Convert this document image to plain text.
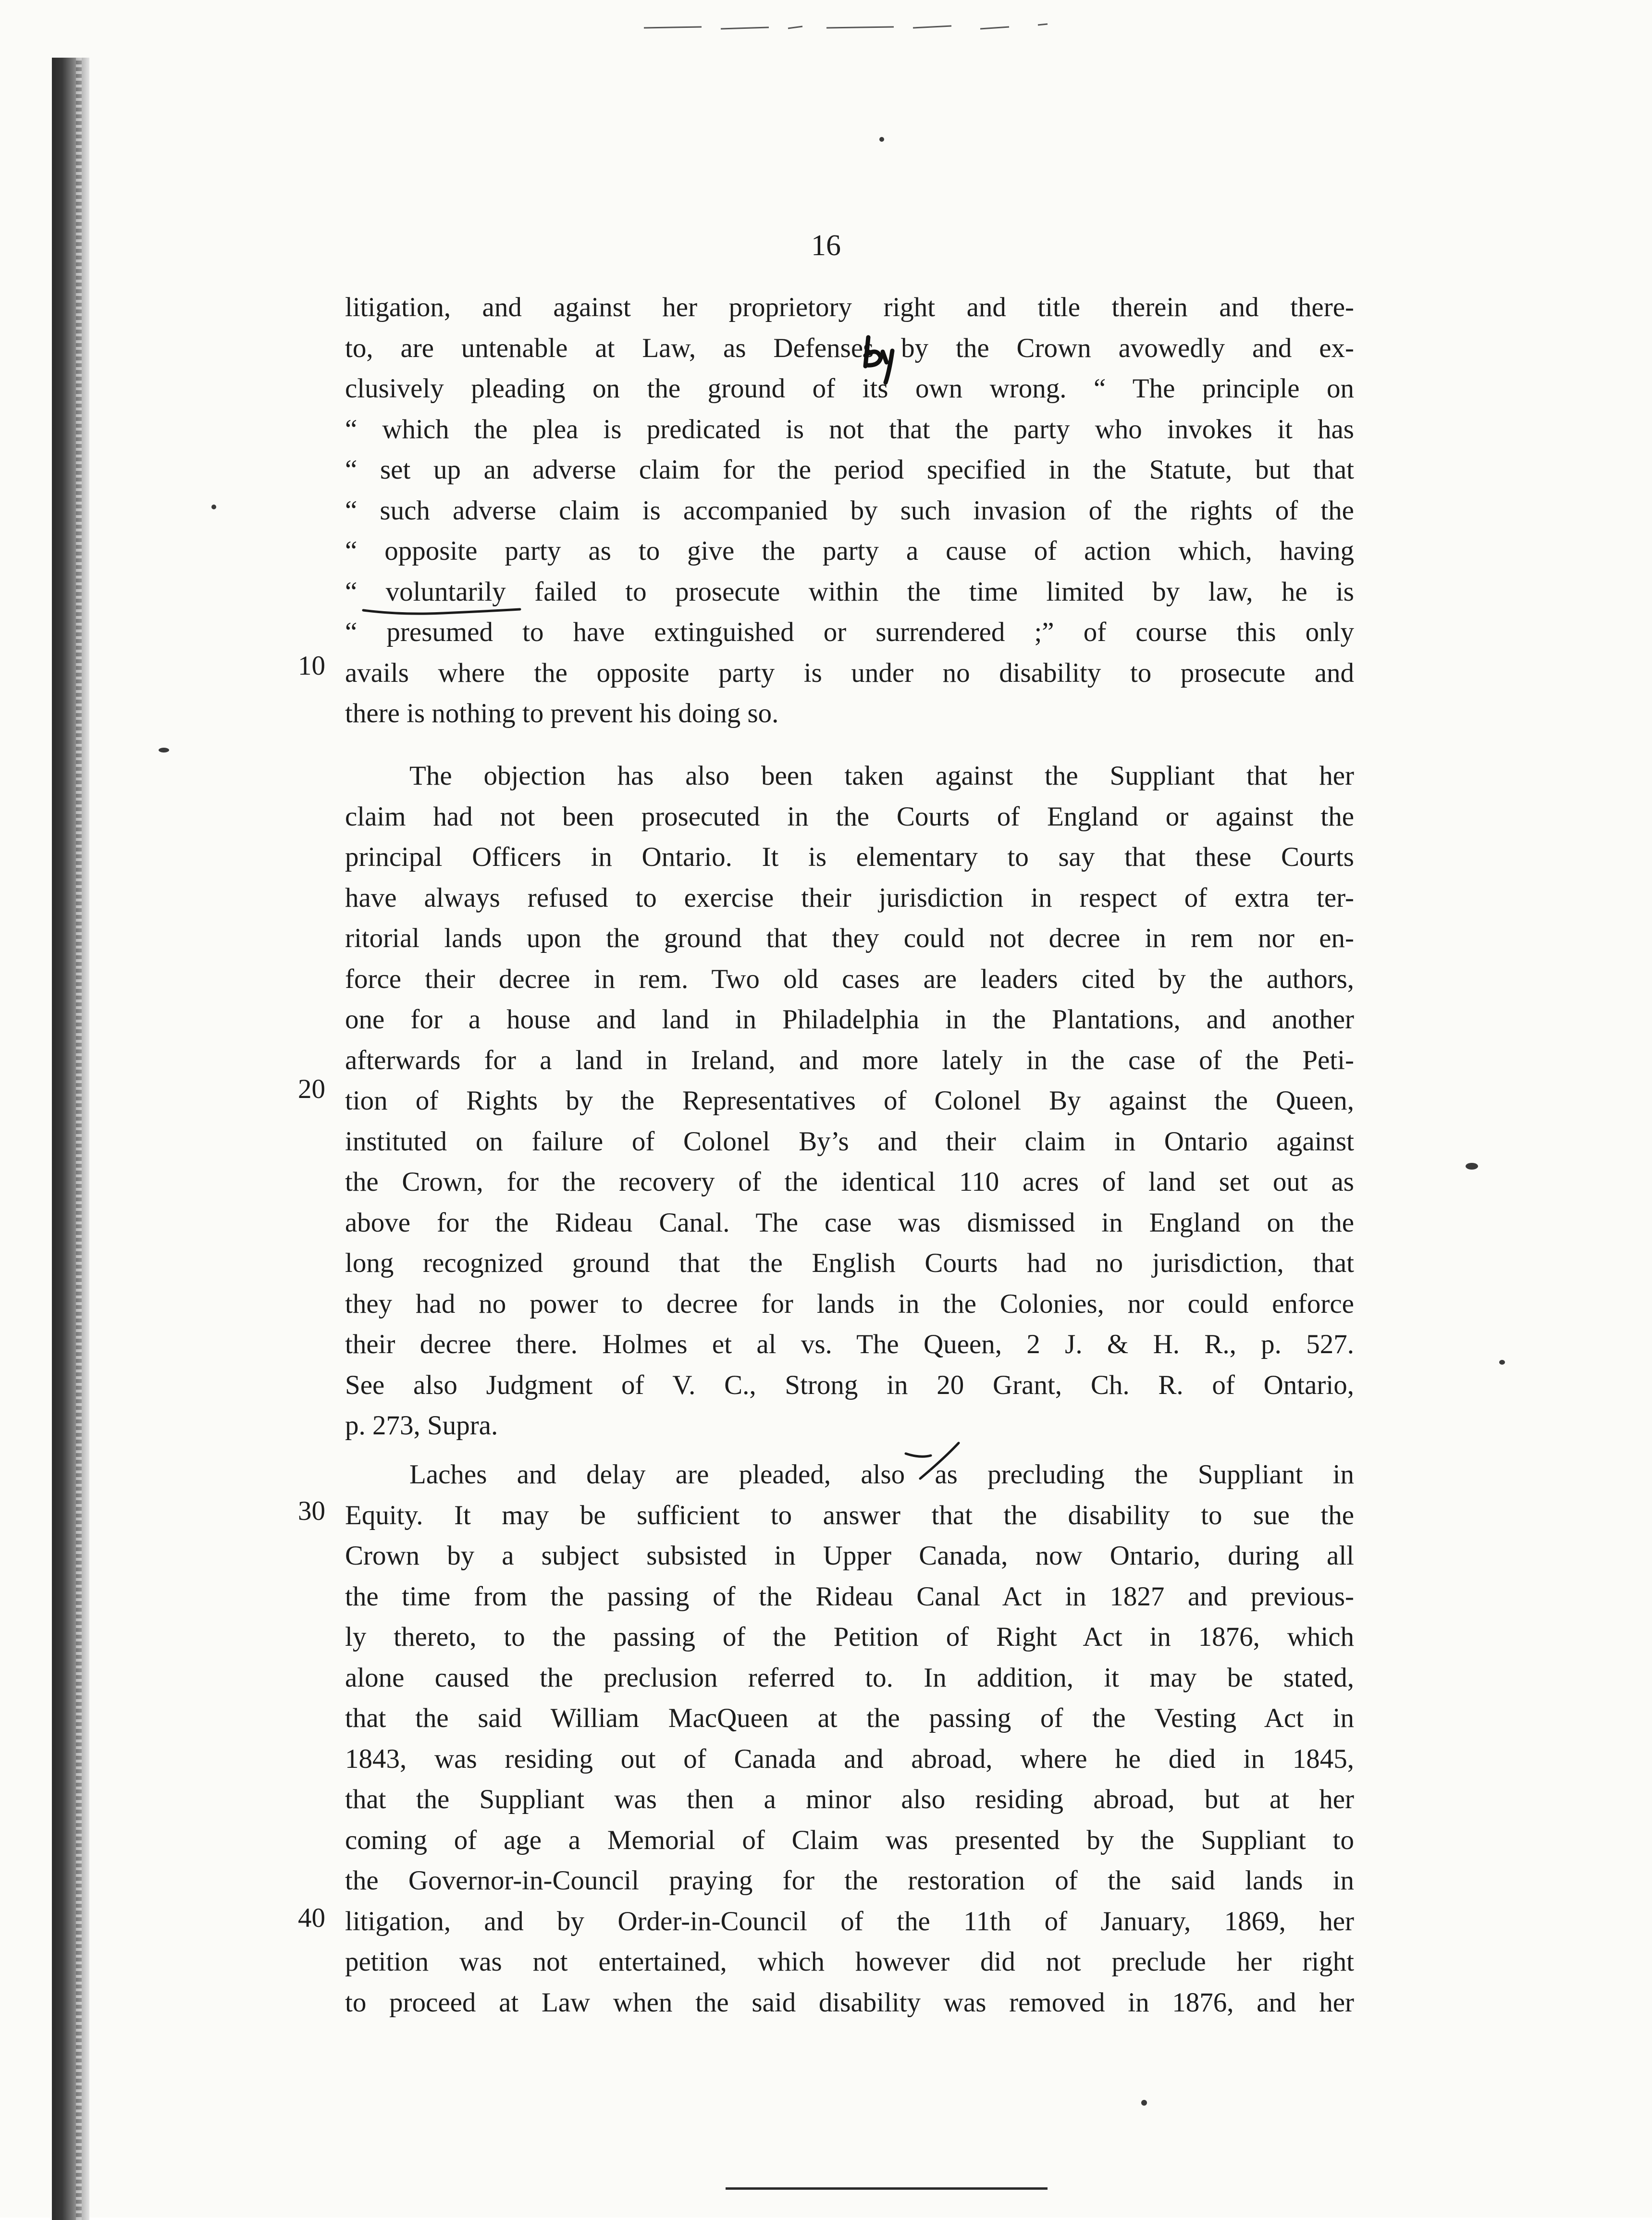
16
litigation, and against her proprietory right and title therein and there-
to, are untenable at Law, as Defenses by the Crown avowedly and ex-
clusively pleading on the ground of its own wrong. “ The principle on
“ which the plea is predicated is not that the party who invokes it has
“ set up an adverse claim for the period specified in the Statute, but that
“ such adverse claim is accompanied by such invasion of the rights of the
“ opposite party as to give the party a cause of action which, having
“ voluntarily failed to prosecute within the time limited by law, he is
“ presumed to have extinguished or surrendered ;” of course this only
avails where the opposite party is under no disability to prosecute and
there is nothing to prevent his doing so.
The objection has also been taken against the Suppliant that her
claim had not been prosecuted in the Courts of England or against the
principal Officers in Ontario. It is elementary to say that these Courts
have always refused to exercise their jurisdiction in respect of extra ter-
ritorial lands upon the ground that they could not decree in rem nor en-
force their decree in rem. Two old cases are leaders cited by the authors,
one for a house and land in Philadelphia in the Plantations, and another
afterwards for a land in Ireland, and more lately in the case of the Peti-
tion of Rights by the Representatives of Colonel By against the Queen,
instituted on failure of Colonel By’s and their claim in Ontario against
the Crown, for the recovery of the identical 110 acres of land set out as
above for the Rideau Canal. The case was dismissed in England on the
long recognized ground that the English Courts had no jurisdiction, that
they had no power to decree for lands in the Colonies, nor could enforce
their decree there. Holmes et al vs. The Queen, 2 J. & H. R., p. 527.
See also Judgment of V. C., Strong in 20 Grant, Ch. R. of Ontario,
p. 273, Supra.
Laches and delay are pleaded, also as precluding the Suppliant in
Equity. It may be sufficient to answer that the disability to sue the
Crown by a subject subsisted in Upper Canada, now Ontario, during all
the time from the passing of the Rideau Canal Act in 1827 and previous-
ly thereto, to the passing of the Petition of Right Act in 1876, which
alone caused the preclusion referred to. In addition, it may be stated,
that the said William MacQueen at the passing of the Vesting Act in
1843, was residing out of Canada and abroad, where he died in 1845,
that the Suppliant was then a minor also residing abroad, but at her
coming of age a Memorial of Claim was presented by the Suppliant to
the Governor-in-Council praying for the restoration of the said lands in
litigation, and by Order-in-Council of the 11th of January, 1869, her
petition was not entertained, which however did not preclude her right
to proceed at Law when the said disability was removed in 1876, and her
10
20
30
40
